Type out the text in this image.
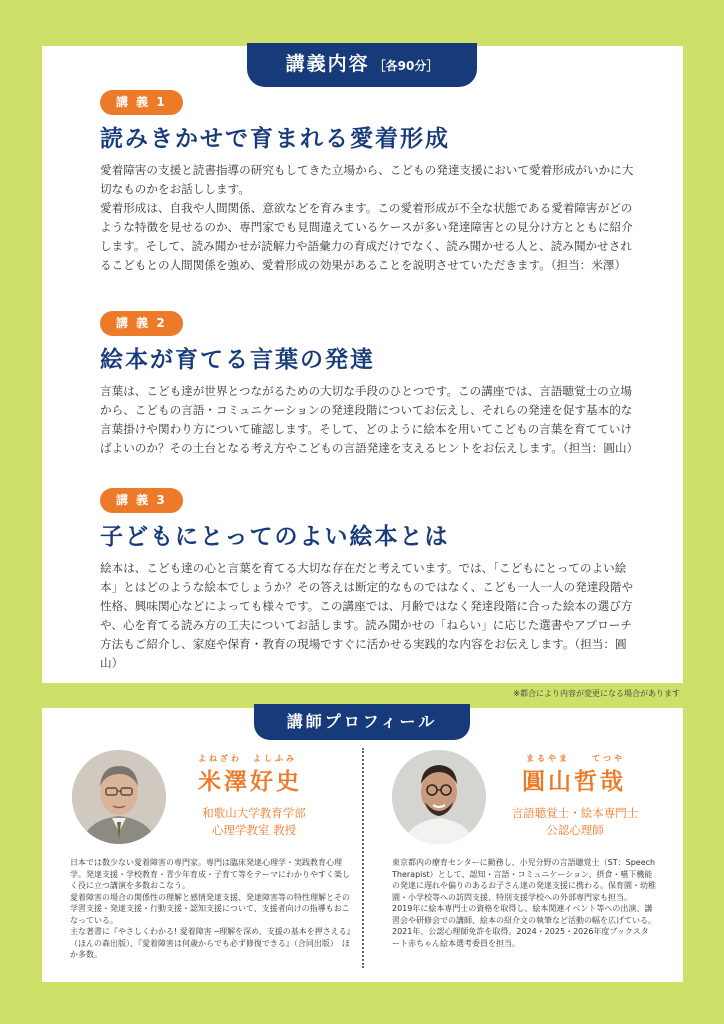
講義内容 ［各90分］
講 義 1
読みきかせで育まれる愛着形成

愛着障害の支援と読書指導の研究もしてきた立場から、こどもの発達支援において愛着形成がいかに大切なものかをお話しします。
愛着形成は、自我や人間関係、意欲などを育みます。この愛着形成が不全な状態である愛着障害がどのような特徴を見せるのか、専門家でも見間違えているケースが多い発達障害との見分け方とともに紹介します。そして、読み聞かせが読解力や語彙力の育成だけでなく、読み聞かせる人と、読み聞かせされるこどもとの人間関係を強め、愛着形成の効果があることを説明させていただきます。（担当：米澤）

講 義 2
絵本が育てる言葉の発達

言葉は、こども達が世界とつながるための大切な手段のひとつです。この講座では、言語聴覚士の立場から、こどもの言語・コミュニケーションの発達段階についてお伝えし、それらの発達を促す基本的な言葉掛けや関わり方について確認します。そして、どのように絵本を用いてこどもの言葉を育てていけばよいのか？その土台となる考え方やこどもの言語発達を支えるヒントをお伝えします。（担当：圓山）

講 義 3
子どもにとってのよい絵本とは

絵本は、こども達の心と言葉を育てる大切な存在だと考えています。では、「こどもにとってのよい絵本」とはどのような絵本でしょうか？その答えは断定的なものではなく、こども一人一人の発達段階や性格、興味関心などによっても様々です。この講座では、月齢ではなく発達段階に合った絵本の選び方や、心を育てる読み方の工夫についてお話します。読み聞かせの「ねらい」に応じた選書やアプローチ方法もご紹介し、家庭や保育・教育の現場ですぐに活かせる実践的な内容をお伝えします。（担当：圓山）

※都合により内容が変更になる場合があります
講師プロフィール
よねざわ　よしふみ
米澤好史
和歌山大学教育学部
心理学教室 教授
日本では数少ない愛着障害の専門家。専門は臨床発達心理学・実践教育心理学。発達支援・学校教育・青少年育成・子育て等をテーマにわかりやすく楽しく役に立つ講演を多数おこなう。
愛着障害の場合の関係性の理解と感情発達支援、発達障害等の特性理解とその学習支援・発達支援・行動支援・認知支援について、支援者向けの指導もおこなっている。
主な著書に『やさしくわかる! 愛着障害 ─理解を深め、支援の基本を押さえる』（ほんの森出版）、『愛着障害は何歳からでも必ず修復できる』（合同出版）　ほか多数。
まるやま　　てつや
圓山哲哉
言語聴覚士・絵本専門士
公認心理師
東京都内の療育センターに勤務し、小児分野の言語聴覚士（ST：Speech Therapist）として、認知・言語・コミュニケーション、摂食・嚥下機能の発達に遅れや偏りのあるお子さん達の発達支援に携わる。保育園・幼稚園・小学校等への訪問支援、特別支援学校への外部専門家も担当。
2019年に絵本専門士の資格を取得し、絵本関連イベント等への出演、講習会や研修会での講師、絵本の紹介文の執筆など活動の幅を広げている。2021年、公認心理師免許を取得。2024・2025・2026年度ブックスタート赤ちゃん絵本選考委員を担当。
